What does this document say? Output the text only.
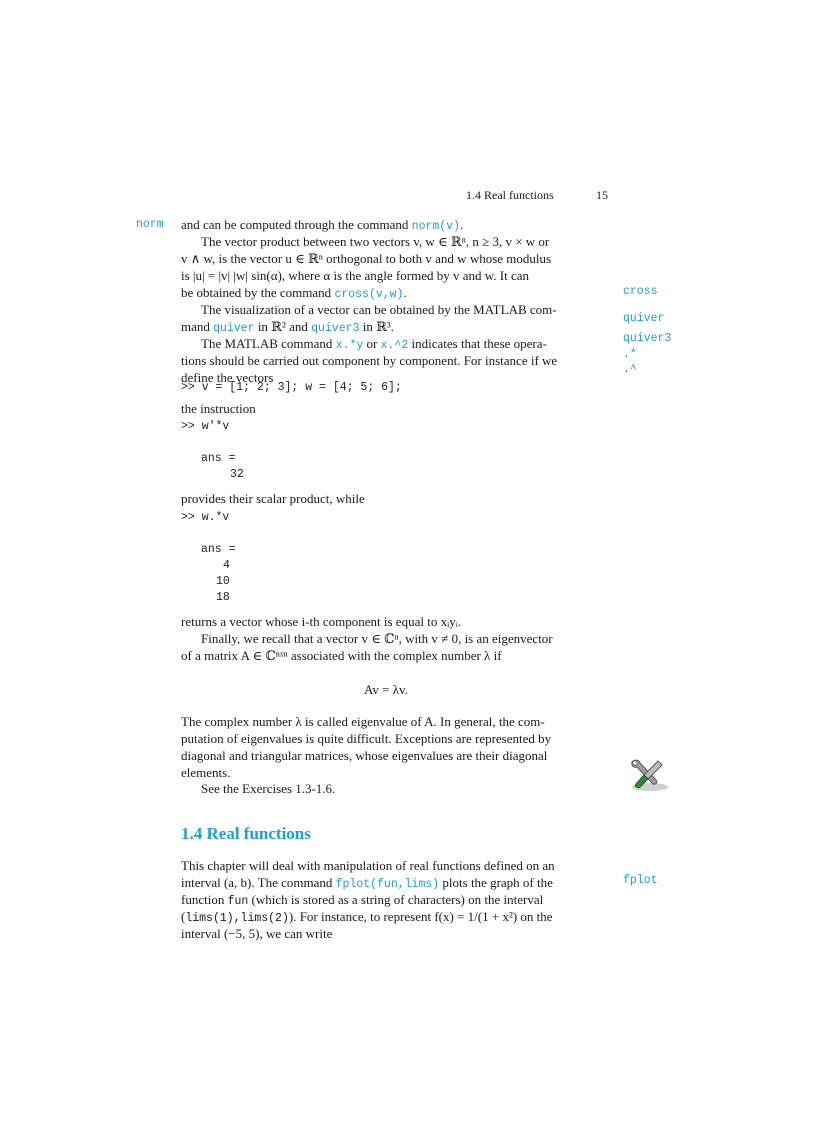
1.4 Real functions	15
norm
cross
quiver
quiver3
.*
.^
fplot
and can be computed through the command norm(v).
The vector product between two vectors v, w ∈ ℝⁿ, n ≥ 3, v × w or
v ∧ w, is the vector u ∈ ℝⁿ orthogonal to both v and w whose modulus
is |u| = |v| |w| sin(α), where α is the angle formed by v and w. It can
be obtained by the command cross(v,w).
The visualization of a vector can be obtained by the MATLAB com-
mand quiver in ℝ² and quiver3 in ℝ³.
The MATLAB command x.*y or x.^2 indicates that these opera-
tions should be carried out component by component. For instance if we
define the vectors
>> v = [1; 2; 3]; w = [4; 5; 6];
the instruction
>> w'*v
ans =
32
provides their scalar product, while
>> w.*v
ans =
4
10
18
returns a vector whose i-th component is equal to xᵢyᵢ.
Finally, we recall that a vector v ∈ ℂⁿ, with v ≠ 0, is an eigenvector
of a matrix A ∈ ℂⁿˣⁿ associated with the complex number λ if
Av = λv.
The complex number λ is called eigenvalue of A. In general, the com-
putation of eigenvalues is quite difficult. Exceptions are represented by
diagonal and triangular matrices, whose eigenvalues are their diagonal
elements.
See the Exercises 1.3-1.6.
1.4 Real functions
This chapter will deal with manipulation of real functions defined on an
interval (a, b). The command fplot(fun,lims) plots the graph of the
function fun (which is stored as a string of characters) on the interval
(lims(1),lims(2)). For instance, to represent f(x) = 1/(1 + x²) on the
interval (−5, 5), we can write
